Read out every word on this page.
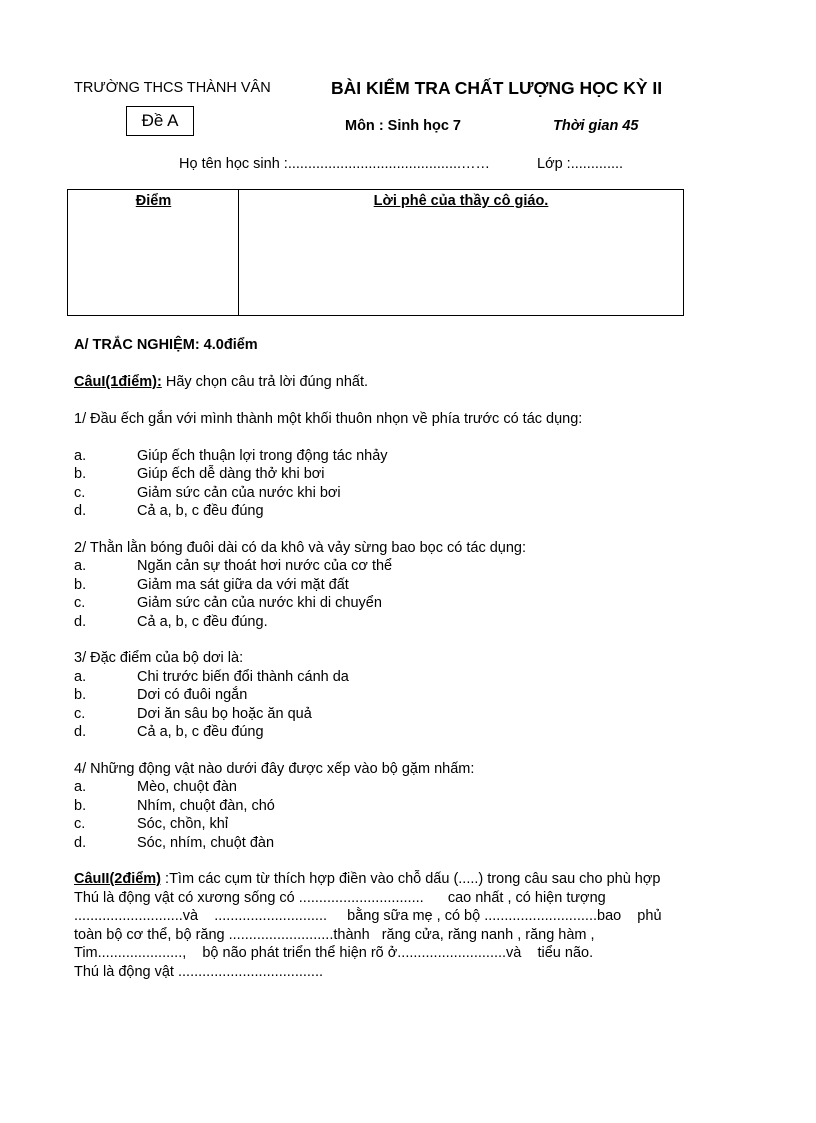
TRƯỜNG THCS THÀNH VÂN	BÀI KIỂM TRA CHẤT LƯỢNG HỌC KỲ II
Đề A	Môn : Sinh học 7	Thời gian 45
Họ tên học sinh :...........................................……	Lớp :.............
Điểm	Lời phê của thầy cô giáo.
A/ TRẮC NGHIỆM: 4.0điểm
CâuI(1điểm): Hãy chọn câu trả lời đúng nhất.
1/ Đầu ếch gắn với mình thành một khối thuôn nhọn về phía trước có tác dụng:
a.	Giúp ếch thuận lợi trong động tác nhảy
b.	Giúp ếch dễ dàng thở khi bơi
c.	Giảm sức cản của nước khi bơi
d.	Cả a, b, c đều đúng
2/ Thằn lằn bóng đuôi dài có da khô và vảy sừng bao bọc có tác dụng:
a.	Ngăn cản sự thoát hơi nước của cơ thể
b.	Giảm ma sát giữa da với mặt đất
c.	Giảm sức cản của nước khi di chuyển
d.	Cả a, b, c đều đúng.
3/ Đặc điểm của bộ dơi là:
a.	Chi trước biến đổi thành cánh da
b.	Dơi có đuôi ngắn
c.	Dơi ăn sâu bọ hoặc ăn quả
d.	Cả a, b, c đều đúng
4/ Những động vật nào dưới đây được xếp vào bộ gặm nhấm:
a.	Mèo, chuột đàn
b.	Nhím, chuột đàn, chó
c.	Sóc, chồn, khỉ
d.	Sóc, nhím, chuột đàn
CâuII(2điểm) :Tìm các cụm từ thích hợp điền vào chỗ dấu (.....) trong câu sau cho phù hợp
Thú là động vật có xương sống có ...............................      cao nhất , có hiện tượng
...........................và    ............................     bằng sữa mẹ , có bộ ............................bao    phủ
toàn bộ cơ thể, bộ răng ..........................thành   răng cửa, răng nanh , răng hàm ,
Tim.....................,    bộ não phát triển thể hiện rõ ở...........................và    tiểu não.
Thú là động vật ....................................
